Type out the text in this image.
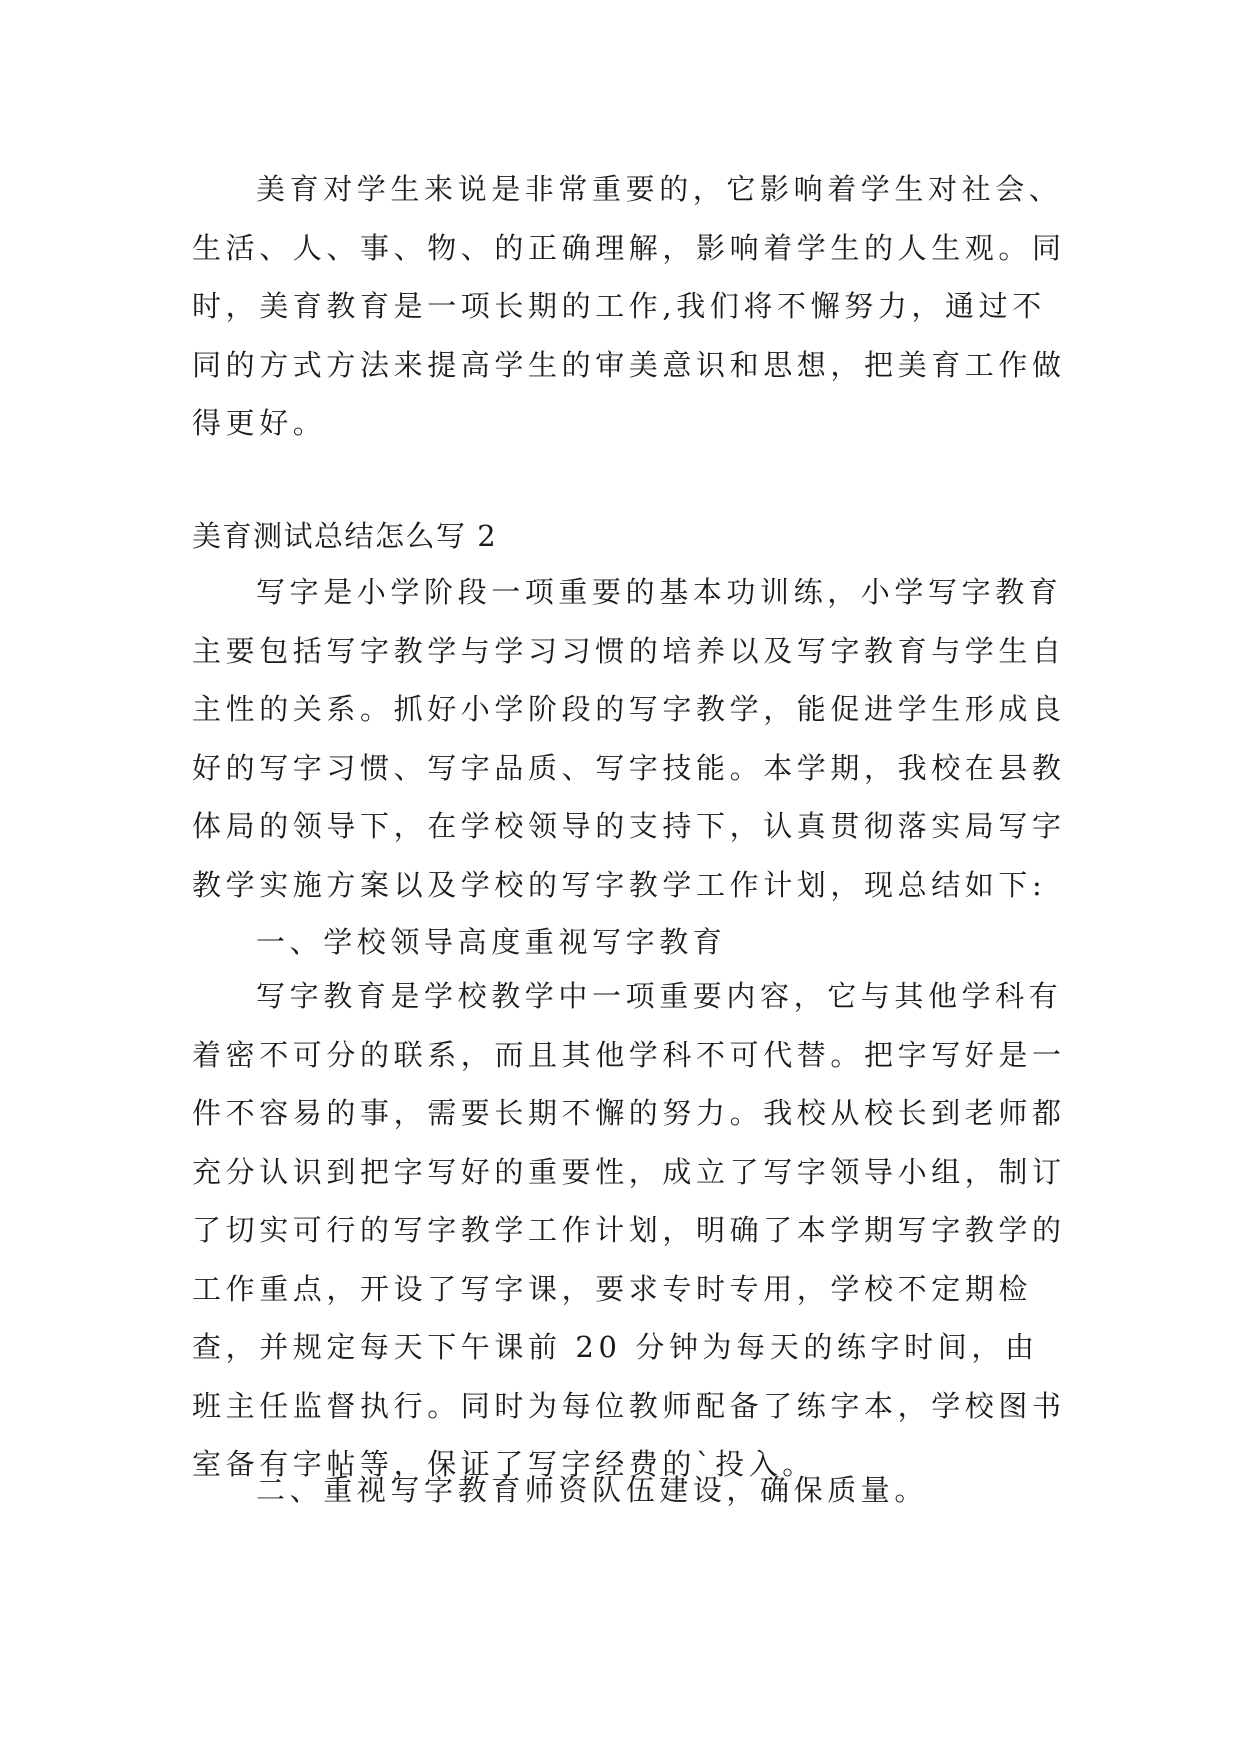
美育对学生来说是非常重要的，它影响着学生对社会、生活、人、事、物、的正确理解，影响着学生的人生观。同时，美育教育是一项长期的工作,我们将不懈努力，通过不同的方式方法来提高学生的审美意识和思想，把美育工作做得更好。

美育测试总结怎么写 2

写字是小学阶段一项重要的基本功训练，小学写字教育主要包括写字教学与学习习惯的培养以及写字教育与学生自主性的关系。抓好小学阶段的写字教学，能促进学生形成良好的写字习惯、写字品质、写字技能。本学期，我校在县教体局的领导下，在学校领导的支持下，认真贯彻落实局写字教学实施方案以及学校的写字教学工作计划，现总结如下:

一、学校领导高度重视写字教育

写字教育是学校教学中一项重要内容，它与其他学科有着密不可分的联系，而且其他学科不可代替。把字写好是一件不容易的事，需要长期不懈的努力。我校从校长到老师都充分认识到把字写好的重要性，成立了写字领导小组，制订了切实可行的写字教学工作计划，明确了本学期写字教学的工作重点，开设了写字课，要求专时专用，学校不定期检查，并规定每天下午课前 20 分钟为每天的练字时间，由班主任监督执行。同时为每位教师配备了练字本，学校图书室备有字帖等，保证了写字经费的`投入。

二、重视写字教育师资队伍建设，确保质量。
